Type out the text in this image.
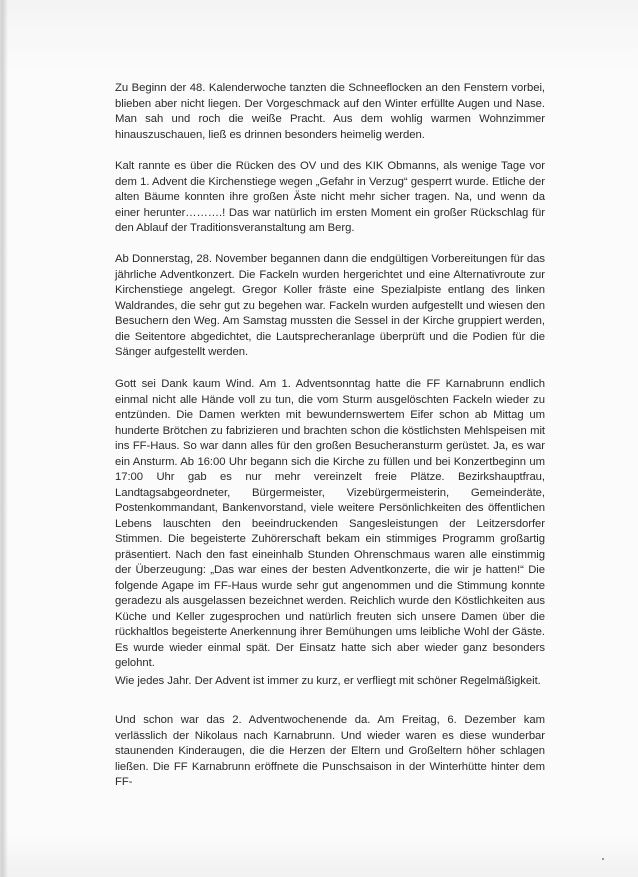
Zu Beginn der 48. Kalenderwoche tanzten die Schneeflocken an den Fenstern vorbei, blieben aber nicht liegen. Der Vorgeschmack auf den Winter erfüllte Augen und Nase. Man sah und roch die weiße Pracht. Aus dem wohlig warmen Wohnzimmer hinauszuschauen, ließ es drinnen besonders heimelig werden.

Kalt rannte es über die Rücken des OV und des KIK Obmanns, als wenige Tage vor dem 1. Advent die Kirchenstiege wegen „Gefahr in Verzug“ gesperrt wurde. Etliche der alten Bäume konnten ihre großen Äste nicht mehr sicher tragen. Na, und wenn da einer herunter……….! Das war natürlich im ersten Moment ein großer Rückschlag für den Ablauf der Traditionsveranstaltung am Berg.

Ab Donnerstag, 28. November begannen dann die endgültigen Vorbereitungen für das jährliche Adventkonzert. Die Fackeln wurden hergerichtet und eine Alternativroute zur Kirchenstiege angelegt. Gregor Koller fräste eine Spezialpiste entlang des linken Waldrandes, die sehr gut zu begehen war. Fackeln wurden aufgestellt und wiesen den Besuchern den Weg. Am Samstag mussten die Sessel in der Kirche gruppiert werden, die Seitentore abgedichtet, die Lautsprecheranlage überprüft und die Podien für die Sänger aufgestellt werden.

Gott sei Dank kaum Wind. Am 1. Adventsonntag hatte die FF Karnabrunn endlich einmal nicht alle Hände voll zu tun, die vom Sturm ausgelöschten Fackeln wieder zu entzünden. Die Damen werkten mit bewundernswertem Eifer schon ab Mittag um hunderte Brötchen zu fabrizieren und brachten schon die köstlichsten Mehlspeisen mit ins FF-Haus. So war dann alles für den großen Besucheransturm gerüstet. Ja, es war ein Ansturm. Ab 16:00 Uhr begann sich die Kirche zu füllen und bei Konzertbeginn um 17:00 Uhr gab es nur mehr vereinzelt freie Plätze. Bezirkshauptfrau, Landtagsabgeordneter, Bürgermeister, Vizebürgermeisterin, Gemeinderäte, Postenkommandant, Bankenvorstand, viele weitere Persönlichkeiten des öffentlichen Lebens lauschten den beeindruckenden Sangesleistungen der Leitzersdorfer Stimmen. Die begeisterte Zuhörerschaft bekam ein stimmiges Programm großartig präsentiert. Nach den fast eineinhalb Stunden Ohrenschmaus waren alle einstimmig der Überzeugung: „Das war eines der besten Adventkonzerte, die wir je hatten!“ Die folgende Agape im FF-Haus wurde sehr gut angenommen und die Stimmung konnte geradezu als ausgelassen bezeichnet werden. Reichlich wurde den Köstlichkeiten aus Küche und Keller zugesprochen und natürlich freuten sich unsere Damen über die rückhaltlos begeisterte Anerkennung ihrer Bemühungen ums leibliche Wohl der Gäste. Es wurde wieder einmal spät. Der Einsatz hatte sich aber wieder ganz besonders gelohnt.

Wie jedes Jahr. Der Advent ist immer zu kurz, er verfliegt mit schöner Regelmäßigkeit.

Und schon war das 2. Adventwochenende da. Am Freitag, 6. Dezember kam verlässlich der Nikolaus nach Karnabrunn. Und wieder waren es diese wunderbar staunenden Kinderaugen, die die Herzen der Eltern und Großeltern höher schlagen ließen. Die FF Karnabrunn eröffnete die Punschsaison in der Winterhütte hinter dem FF-
